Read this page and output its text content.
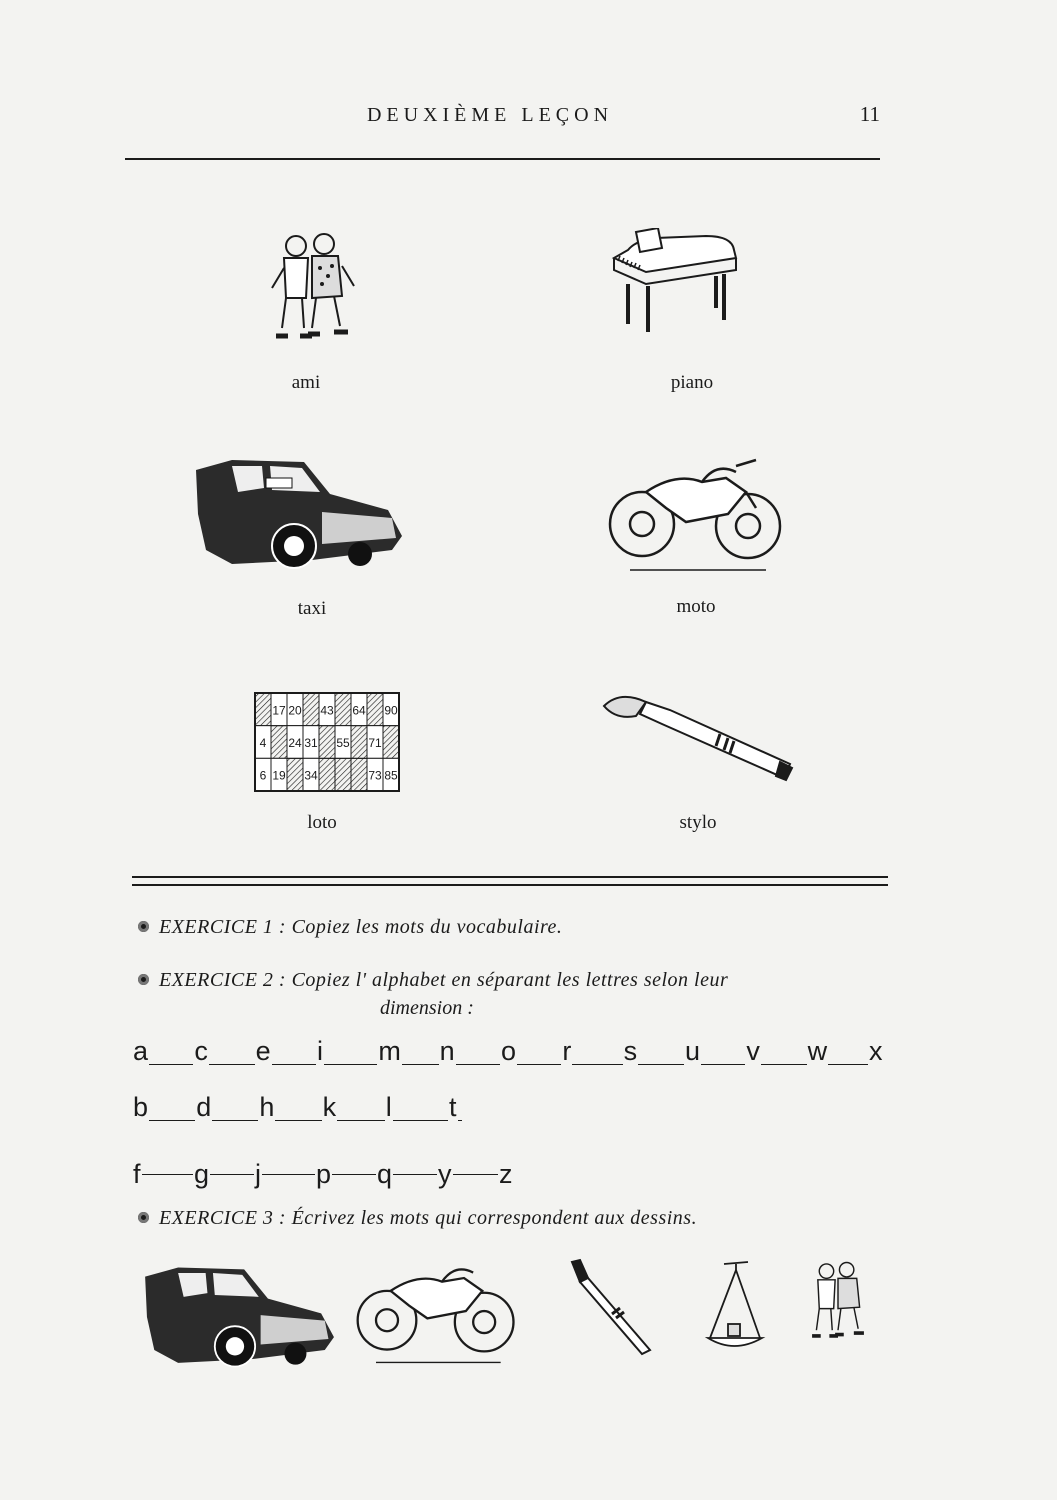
DEUXIÈME LEÇON	11
ami	piano
taxi	moto
17 20 43 64 90
4 24 31 55 71
6 19 34	73 85
loto	stylo
EXERCICE 1 : Copiez les mots du vocabulaire.
EXERCICE 2 : Copiez l' alphabet en séparant les lettres selon leur
dimension :
a c e i m n o r s u v w x
b d h k l t
f g j p q y z
EXERCICE 3 : Écrivez les mots qui correspondent aux dessins.
